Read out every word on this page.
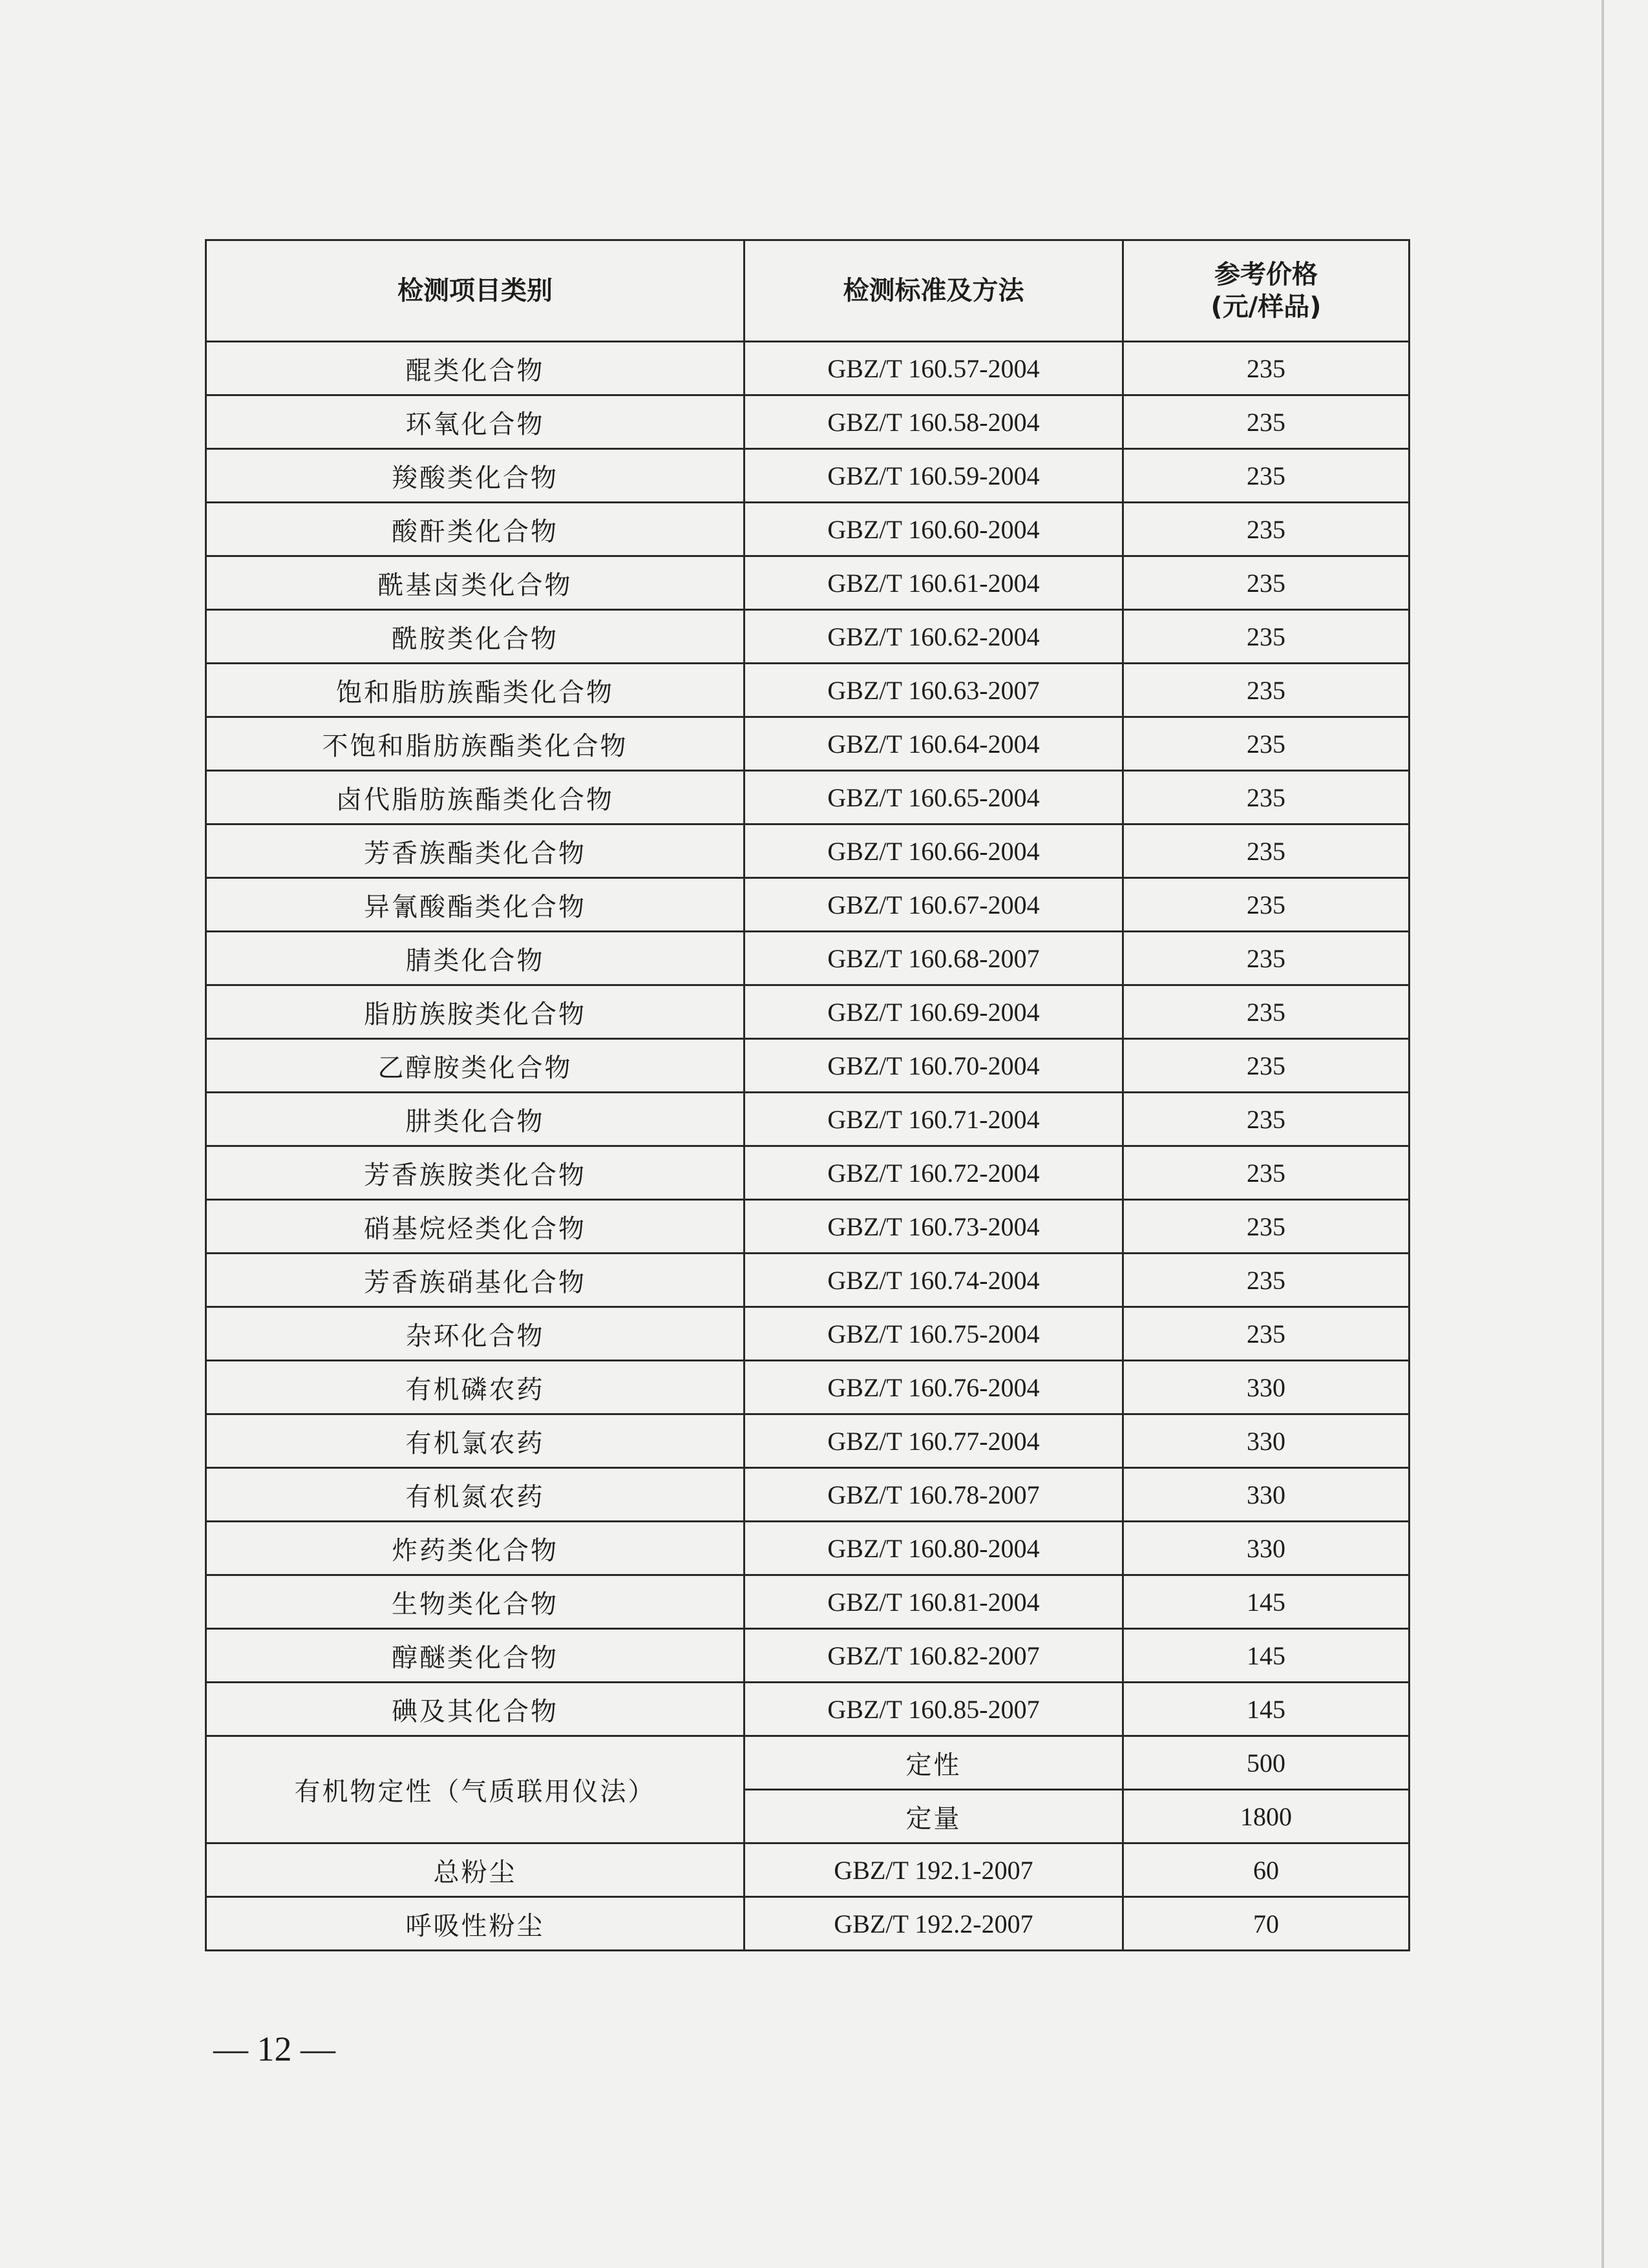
检测项目类别	检测标准及方法	参考价格
(元/样品)

醌类化合物	GBZ/T 160.57-2004	235
环氧化合物	GBZ/T 160.58-2004	235
羧酸类化合物	GBZ/T 160.59-2004	235
酸酐类化合物	GBZ/T 160.60-2004	235
酰基卤类化合物	GBZ/T 160.61-2004	235
酰胺类化合物	GBZ/T 160.62-2004	235
饱和脂肪族酯类化合物	GBZ/T 160.63-2007	235
不饱和脂肪族酯类化合物	GBZ/T 160.64-2004	235
卤代脂肪族酯类化合物	GBZ/T 160.65-2004	235
芳香族酯类化合物	GBZ/T 160.66-2004	235
异氰酸酯类化合物	GBZ/T 160.67-2004	235
腈类化合物	GBZ/T 160.68-2007	235
脂肪族胺类化合物	GBZ/T 160.69-2004	235
乙醇胺类化合物	GBZ/T 160.70-2004	235
肼类化合物	GBZ/T 160.71-2004	235
芳香族胺类化合物	GBZ/T 160.72-2004	235
硝基烷烃类化合物	GBZ/T 160.73-2004	235
芳香族硝基化合物	GBZ/T 160.74-2004	235
杂环化合物	GBZ/T 160.75-2004	235
有机磷农药	GBZ/T 160.76-2004	330
有机氯农药	GBZ/T 160.77-2004	330
有机氮农药	GBZ/T 160.78-2007	330
炸药类化合物	GBZ/T 160.80-2004	330
生物类化合物	GBZ/T 160.81-2004	145
醇醚类化合物	GBZ/T 160.82-2007	145
碘及其化合物	GBZ/T 160.85-2007	145
有机物定性（气质联用仪法）	定性	500
	定量	1800
总粉尘	GBZ/T 192.1-2007	60
呼吸性粉尘	GBZ/T 192.2-2007	70
— 12 —
